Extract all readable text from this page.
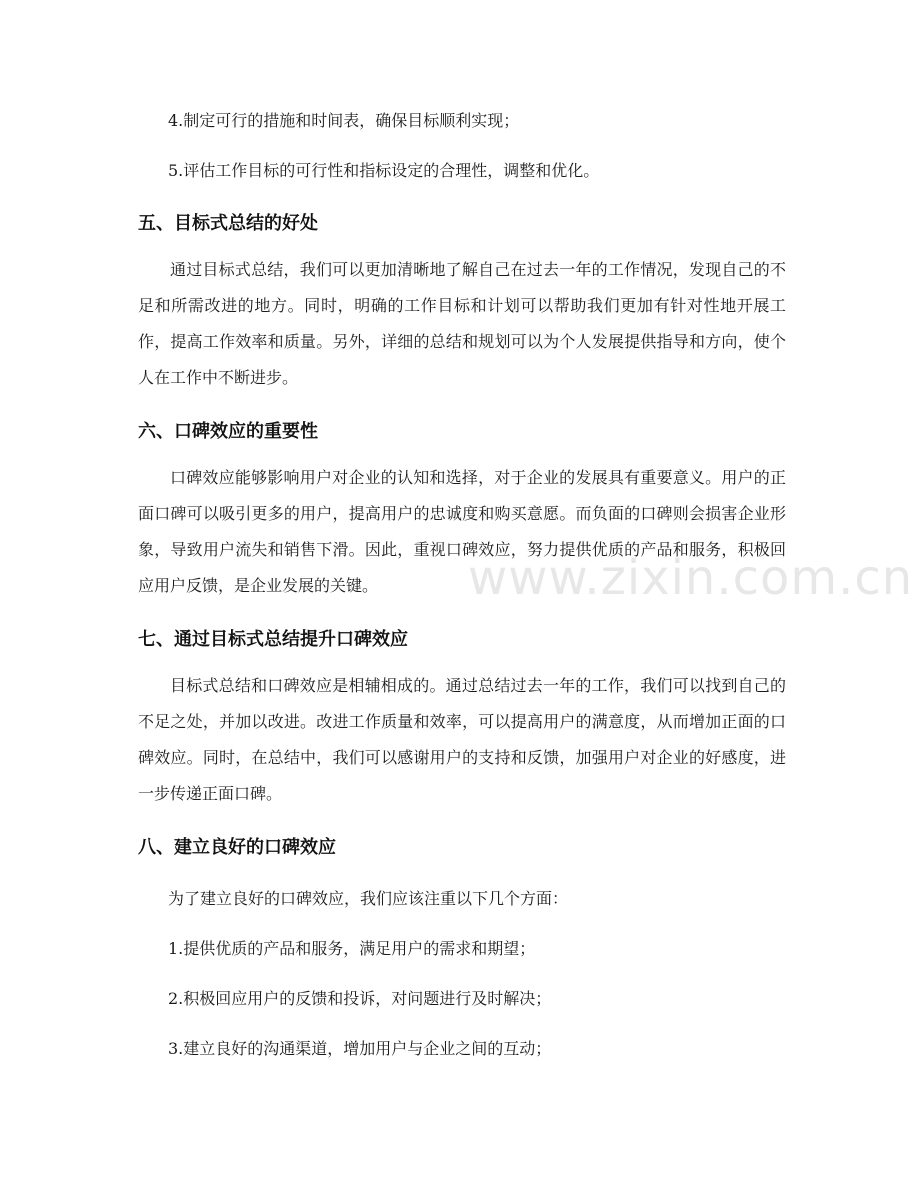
4.制定可行的措施和时间表，确保目标顺利实现；
5.评估工作目标的可行性和指标设定的合理性，调整和优化。
五、目标式总结的好处
通过目标式总结，我们可以更加清晰地了解自己在过去一年的工作情况，发现自己的不足和所需改进的地方。同时，明确的工作目标和计划可以帮助我们更加有针对性地开展工作，提高工作效率和质量。另外，详细的总结和规划可以为个人发展提供指导和方向，使个人在工作中不断进步。
六、口碑效应的重要性
口碑效应能够影响用户对企业的认知和选择，对于企业的发展具有重要意义。用户的正面口碑可以吸引更多的用户，提高用户的忠诚度和购买意愿。而负面的口碑则会损害企业形象，导致用户流失和销售下滑。因此，重视口碑效应，努力提供优质的产品和服务，积极回应用户反馈，是企业发展的关键。
七、通过目标式总结提升口碑效应
目标式总结和口碑效应是相辅相成的。通过总结过去一年的工作，我们可以找到自己的不足之处，并加以改进。改进工作质量和效率，可以提高用户的满意度，从而增加正面的口碑效应。同时，在总结中，我们可以感谢用户的支持和反馈，加强用户对企业的好感度，进一步传递正面口碑。
八、建立良好的口碑效应
为了建立良好的口碑效应，我们应该注重以下几个方面：
1.提供优质的产品和服务，满足用户的需求和期望；
2.积极回应用户的反馈和投诉，对问题进行及时解决；
3.建立良好的沟通渠道，增加用户与企业之间的互动；
www.zixin.com.cn
